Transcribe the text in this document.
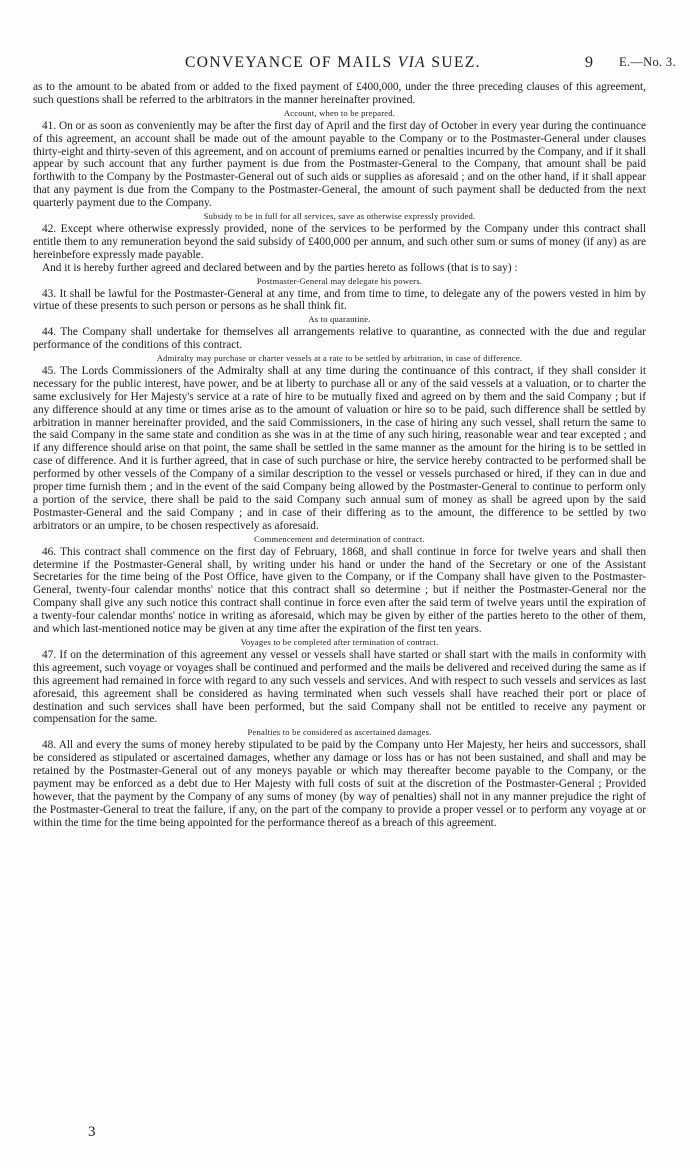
CONVEYANCE OF MAILS VIA SUEZ.	9 E.—No. 3.

as to the amount to be abated from or added to the fixed payment of £400,000, under the three preceding clauses of this agreement, such questions shall be referred to the arbitrators in the manner hereinafter provined.

Account, when to be prepared.

41. On or as soon as conveniently may be after the first day of April and the first day of October in every year during the continuance of this agreement, an account shall be made out of the amount payable to the Company or to the Postmaster-General under clauses thirty-eight and thirty-seven of this agreement, and on account of premiums earned or penalties incurred by the Company, and if it shall appear by such account that any further payment is due from the Postmaster-General to the Company, that amount shall be paid forthwith to the Company by the Postmaster-General out of such aids or supplies as aforesaid ; and on the other hand, if it shall appear that any payment is due from the Company to the Postmaster-General, the amount of such payment shall be deducted from the next quarterly payment due to the Company.

Subsidy to be in full for all services, save as otherwise expressly provided.

42. Except where otherwise expressly provided, none of the services to be performed by the Company under this contract shall entitle them to any remuneration beyond the said subsidy of £400,000 per annum, and such other sum or sums of money (if any) as are hereinbefore expressly made payable.

And it is hereby further agreed and declared between and by the parties hereto as follows (that is to say) :

Postmaster-General may delegate his powers.

43. It shall be lawful for the Postmaster-General at any time, and from time to time, to delegate any of the powers vested in him by virtue of these presents to such person or persons as he shall think fit.

As to quarantine.

44. The Company shall undertake for themselves all arrangements relative to quarantine, as connected with the due and regular performance of the conditions of this contract.

Admiralty may purchase or charter vessels at a rate to be settled by arbitration, in case of difference.

45. The Lords Commissioners of the Admiralty shall at any time during the continuance of this contract, if they shall consider it necessary for the public interest, have power, and be at liberty to purchase all or any of the said vessels at a valuation, or to charter the same exclusively for Her Majesty's service at a rate of hire to be mutually fixed and agreed on by them and the said Company ; but if any difference should at any time or times arise as to the amount of valuation or hire so to be paid, such difference shall be settled by arbitration in manner hereinafter provided, and the said Commissioners, in the case of hiring any such vessel, shall return the same to the said Company in the same state and condition as she was in at the time of any such hiring, reasonable wear and tear excepted ; and if any difference should arise on that point, the same shall be settled in the same manner as the amount for the hiring is to be settled in case of difference. And it is further agreed, that in case of such purchase or hire, the service hereby contracted to be performed shall be performed by other vessels of the Company of a similar description to the vessel or vessels purchased or hired, if they can in due and proper time furnish them ; and in the event of the said Company being allowed by the Postmaster-General to continue to perform only a portion of the service, there shall be paid to the said Company such annual sum of money as shall be agreed upon by the said Postmaster-General and the said Company ; and in case of their differing as to the amount, the difference to be settled by two arbitrators or an umpire, to be chosen respectively as aforesaid.

Commencement and determination of contract.

46. This contract shall commence on the first day of February, 1868, and shall continue in force for twelve years and shall then determine if the Postmaster-General shall, by writing under his hand or under the hand of the Secretary or one of the Assistant Secretaries for the time being of the Post Office, have given to the Company, or if the Company shall have given to the Postmaster-General, twenty-four calendar months' notice that this contract shall so determine ; but if neither the Postmaster-General nor the Company shall give any such notice this contract shall continue in force even after the said term of twelve years until the expiration of a twenty-four calendar months' notice in writing as aforesaid, which may be given by either of the parties hereto to the other of them, and which last-mentioned notice may be given at any time after the expiration of the first ten years.

Voyages to be completed after termination of contract.

47. If on the determination of this agreement any vessel or vessels shall have started or shall start with the mails in conformity with this agreement, such voyage or voyages shall be continued and performed and the mails be delivered and received during the same as if this agreement had remained in force with regard to any such vessels and services. And with respect to such vessels and services as last aforesaid, this agreement shall be considered as having terminated when such vessels shall have reached their port or place of destination and such services shall have been performed, but the said Company shall not be entitled to receive any payment or compensation for the same.

Penalties to be considered as ascertained damages.

48. All and every the sums of money hereby stipulated to be paid by the Company unto Her Majesty, her heirs and successors, shall be considered as stipulated or ascertained damages, whether any damage or loss has or has not been sustained, and shall and may be retained by the Postmaster-General out of any moneys payable or which may thereafter become payable to the Company, or the payment may be enforced as a debt due to Her Majesty with full costs of suit at the discretion of the Postmaster-General ; Provided however, that the payment by the Company of any sums of money (by way of penalties) shall not in any manner prejudice the right of the Postmaster-General to treat the failure, if any, on the part of the company to provide a proper vessel or to perform any voyage at or within the time for the time being appointed for the performance thereof as a breach of this agreement.

3
